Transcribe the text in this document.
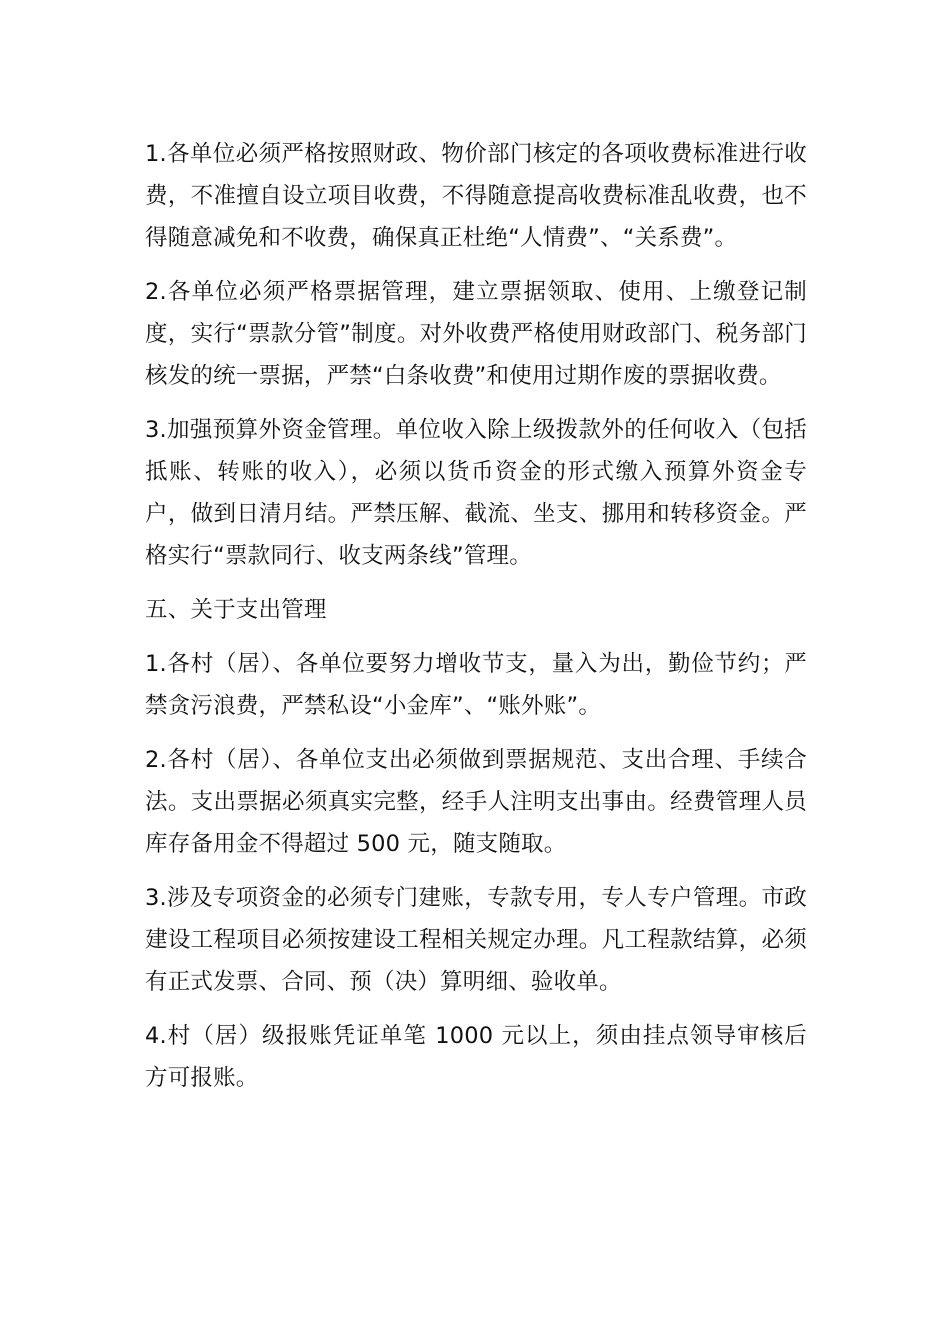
1.各单位必须严格按照财政、物价部门核定的各项收费标准进行收费，不准擅自设立项目收费，不得随意提高收费标准乱收费，也不得随意减免和不收费，确保真正杜绝“人情费”、“关系费”。

2.各单位必须严格票据管理，建立票据领取、使用、上缴登记制度，实行“票款分管”制度。对外收费严格使用财政部门、税务部门核发的统一票据，严禁“白条收费”和使用过期作废的票据收费。

3.加强预算外资金管理。单位收入除上级拨款外的任何收入（包括抵账、转账的收入），必须以货币资金的形式缴入预算外资金专户，做到日清月结。严禁压解、截流、坐支、挪用和转移资金。严格实行“票款同行、收支两条线”管理。

五、关于支出管理

1.各村（居）、各单位要努力增收节支，量入为出，勤俭节约；严禁贪污浪费，严禁私设“小金库”、“账外账”。

2.各村（居）、各单位支出必须做到票据规范、支出合理、手续合法。支出票据必须真实完整，经手人注明支出事由。经费管理人员库存备用金不得超过 500 元，随支随取。

3.涉及专项资金的必须专门建账，专款专用，专人专户管理。市政建设工程项目必须按建设工程相关规定办理。凡工程款结算，必须有正式发票、合同、预（决）算明细、验收单。

4.村（居）级报账凭证单笔 1000 元以上，须由挂点领导审核后方可报账。
